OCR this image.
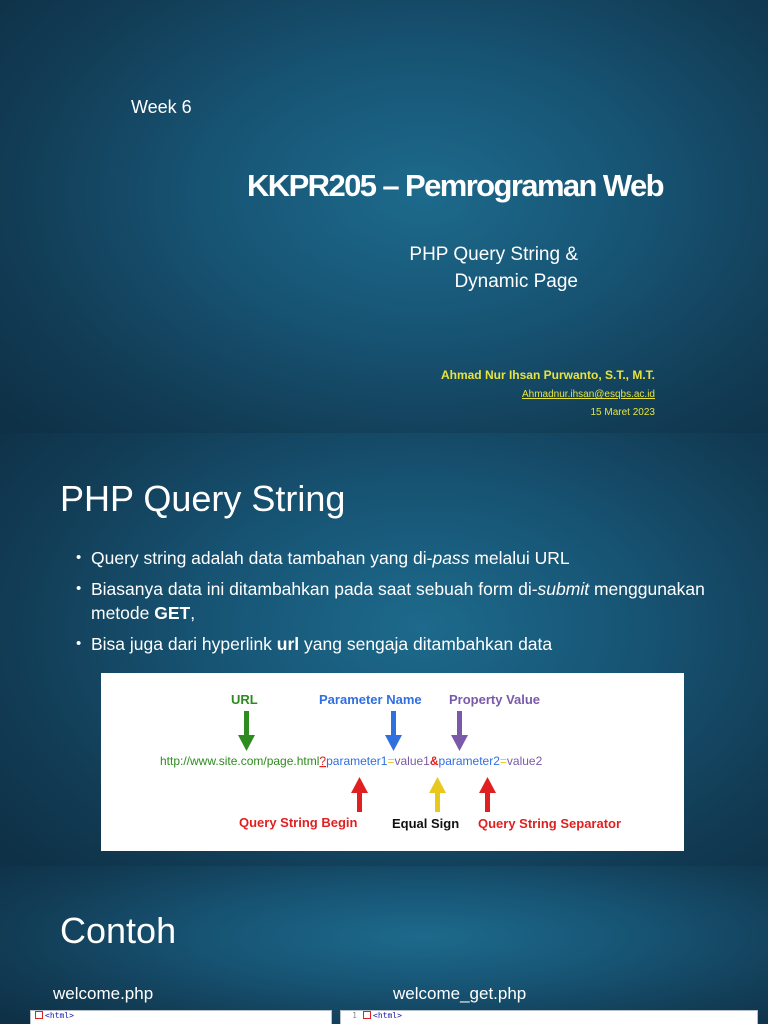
Week 6
KKPR205 – Pemrograman Web
PHP Query String &
Dynamic Page
Ahmad Nur Ihsan Purwanto, S.T., M.T.
Ahmadnur.ihsan@esqbs.ac.id
15 Maret 2023
PHP Query String
• Query string adalah data tambahan yang di-pass melalui URL
• Biasanya data ini ditambahkan pada saat sebuah form di-submit menggunakan metode GET,
• Bisa juga dari hyperlink url yang sengaja ditambahkan data
URL	Parameter Name Property Value
http://www.site.com/page.html?parameter1=value1&parameter2=value2
Query String Begin	Equal Sign Query String Separator
Contoh
welcome.php	welcome_get.php
<html>	1 <html>
